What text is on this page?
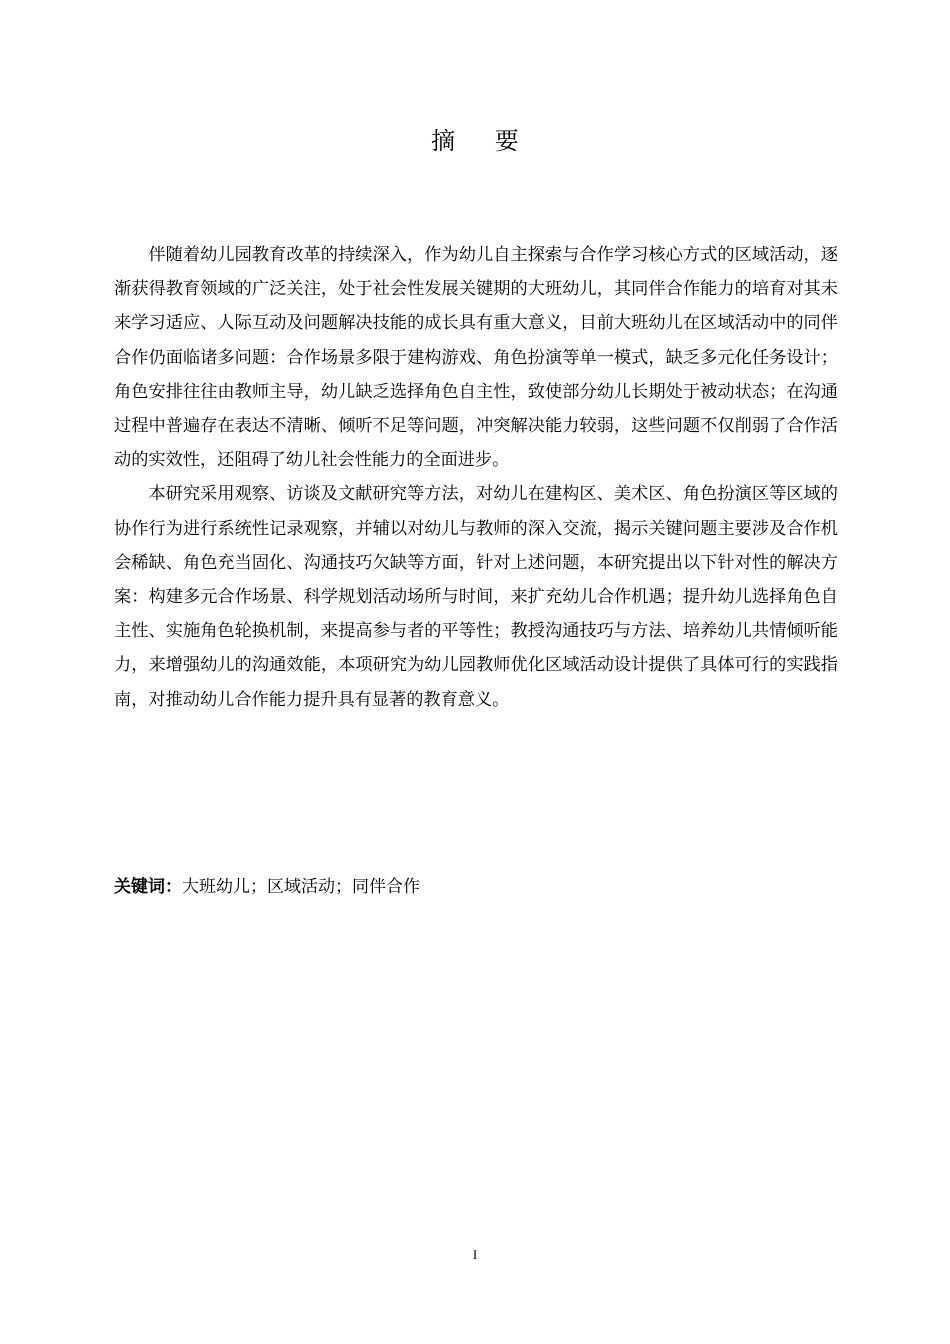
摘 要

伴随着幼儿园教育改革的持续深入，作为幼儿自主探索与合作学习核心方式的区域活动，逐渐获得教育领域的广泛关注，处于社会性发展关键期的大班幼儿，其同伴合作能力的培育对其未来学习适应、人际互动及问题解决技能的成长具有重大意义，目前大班幼儿在区域活动中的同伴合作仍面临诸多问题：合作场景多限于建构游戏、角色扮演等单一模式，缺乏多元化任务设计；角色安排往往由教师主导，幼儿缺乏选择角色自主性，致使部分幼儿长期处于被动状态；在沟通过程中普遍存在表达不清晰、倾听不足等问题，冲突解决能力较弱，这些问题不仅削弱了合作活动的实效性，还阻碍了幼儿社会性能力的全面进步。

本研究采用观察、访谈及文献研究等方法，对幼儿在建构区、美术区、角色扮演区等区域的协作行为进行系统性记录观察，并辅以对幼儿与教师的深入交流，揭示关键问题主要涉及合作机会稀缺、角色充当固化、沟通技巧欠缺等方面，针对上述问题，本研究提出以下针对性的解决方案：构建多元合作场景、科学规划活动场所与时间，来扩充幼儿合作机遇；提升幼儿选择角色自主性、实施角色轮换机制，来提高参与者的平等性；教授沟通技巧与方法、培养幼儿共情倾听能力，来增强幼儿的沟通效能，本项研究为幼儿园教师优化区域活动设计提供了具体可行的实践指南，对推动幼儿合作能力提升具有显著的教育意义。

关键词：大班幼儿；区域活动；同伴合作
I
